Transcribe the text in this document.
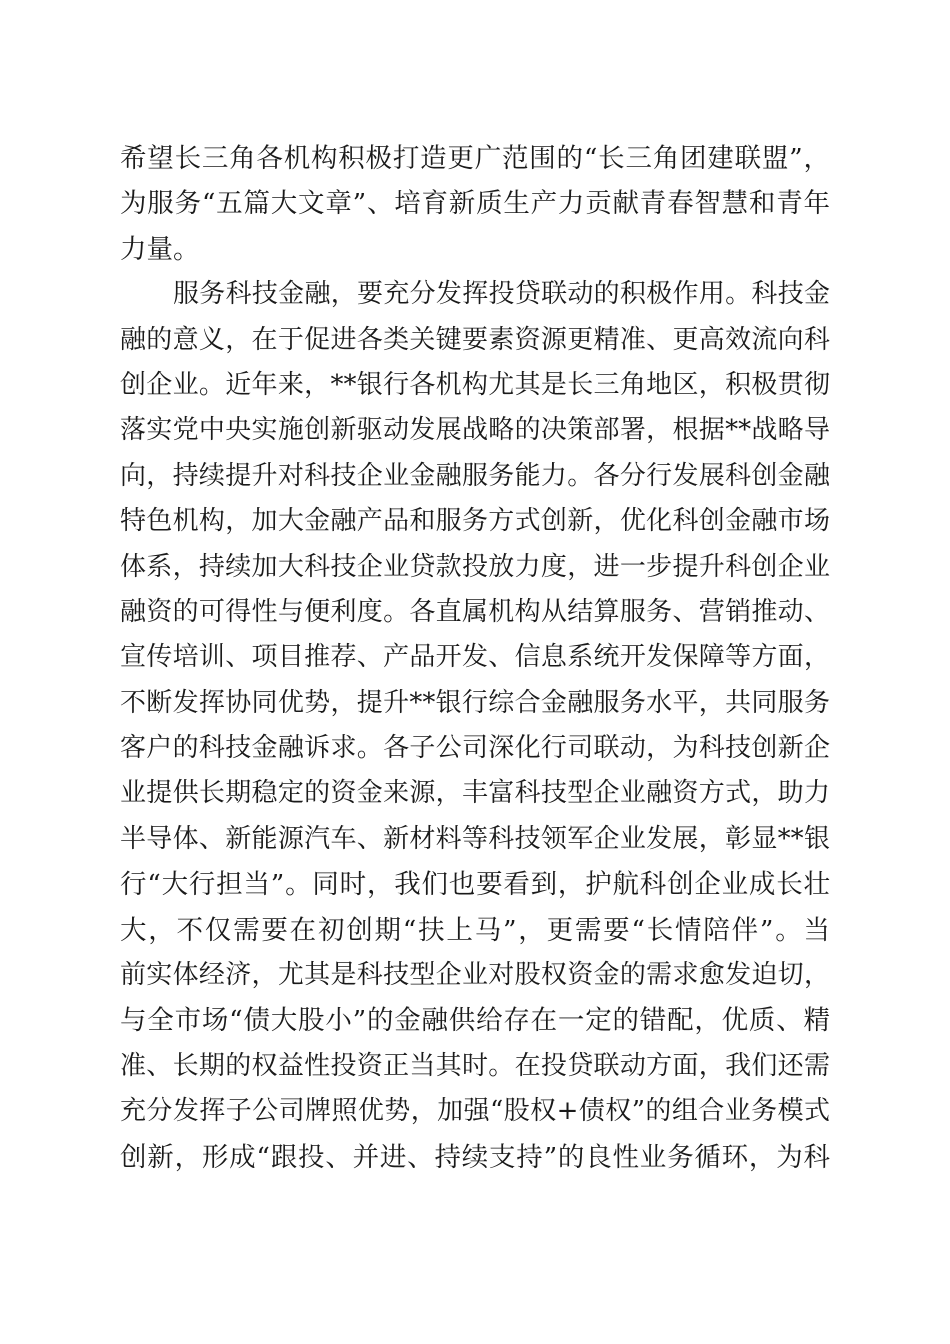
希望长三角各机构积极打造更广范围的“长三角团建联盟”，
为服务“五篇大文章”、培育新质生产力贡献青春智慧和青年
力量。
服务科技金融，要充分发挥投贷联动的积极作用。科技金
融的意义，在于促进各类关键要素资源更精准、更高效流向科
创企业。近年来，**银行各机构尤其是长三角地区，积极贯彻
落实党中央实施创新驱动发展战略的决策部署，根据**战略导
向，持续提升对科技企业金融服务能力。各分行发展科创金融
特色机构，加大金融产品和服务方式创新，优化科创金融市场
体系，持续加大科技企业贷款投放力度，进一步提升科创企业
融资的可得性与便利度。各直属机构从结算服务、营销推动、
宣传培训、项目推荐、产品开发、信息系统开发保障等方面，
不断发挥协同优势，提升**银行综合金融服务水平，共同服务
客户的科技金融诉求。各子公司深化行司联动，为科技创新企
业提供长期稳定的资金来源，丰富科技型企业融资方式，助力
半导体、新能源汽车、新材料等科技领军企业发展，彰显**银
行“大行担当”。同时，我们也要看到，护航科创企业成长壮
大，不仅需要在初创期“扶上马”，更需要“长情陪伴”。当
前实体经济，尤其是科技型企业对股权资金的需求愈发迫切，
与全市场“债大股小”的金融供给存在一定的错配，优质、精
准、长期的权益性投资正当其时。在投贷联动方面，我们还需
充分发挥子公司牌照优势，加强“股权+债权”的组合业务模式
创新，形成“跟投、并进、持续支持”的良性业务循环，为科
